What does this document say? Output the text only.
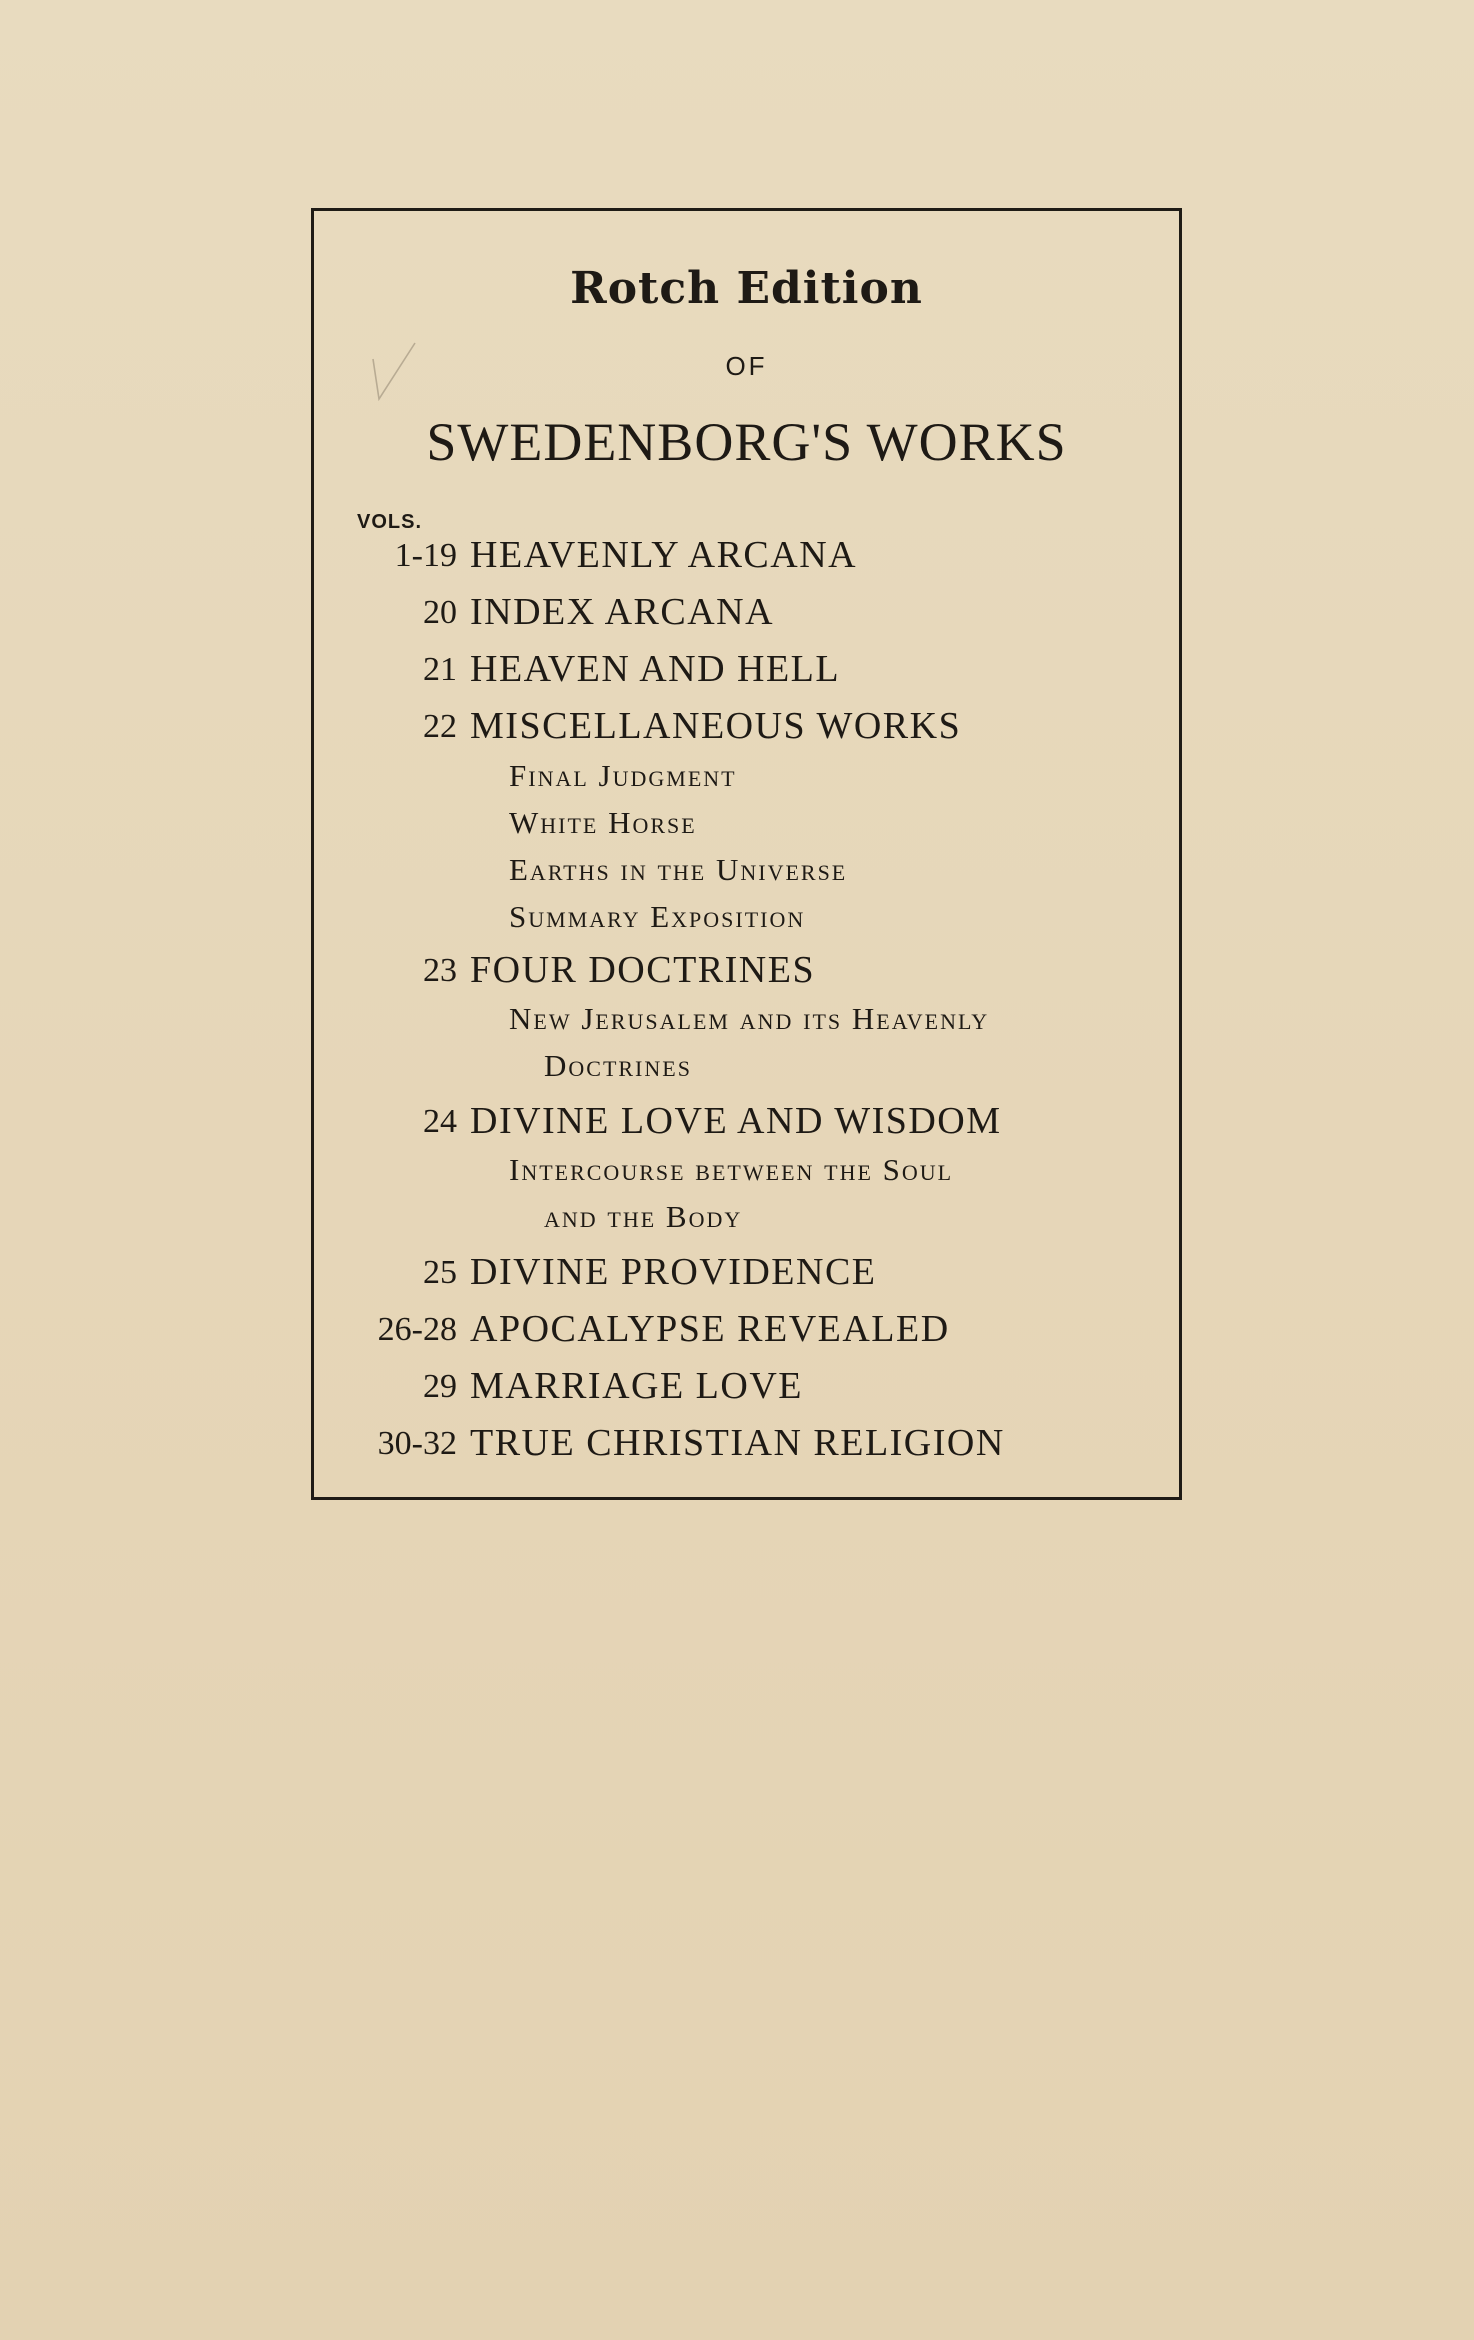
Rotch Edition
OF
SWEDENBORG'S WORKS
VOLS.
1-19 HEAVENLY ARCANA
20 INDEX ARCANA
21 HEAVEN AND HELL
22 MISCELLANEOUS WORKS
Final Judgment
White Horse
Earths in the Universe
Summary Exposition
23 FOUR DOCTRINES
New Jerusalem and its Heavenly
Doctrines
24 DIVINE LOVE AND WISDOM
Intercourse between the Soul
and the Body
25 DIVINE PROVIDENCE
26-28 APOCALYPSE REVEALED
29 MARRIAGE LOVE
30-32 TRUE CHRISTIAN RELIGION
